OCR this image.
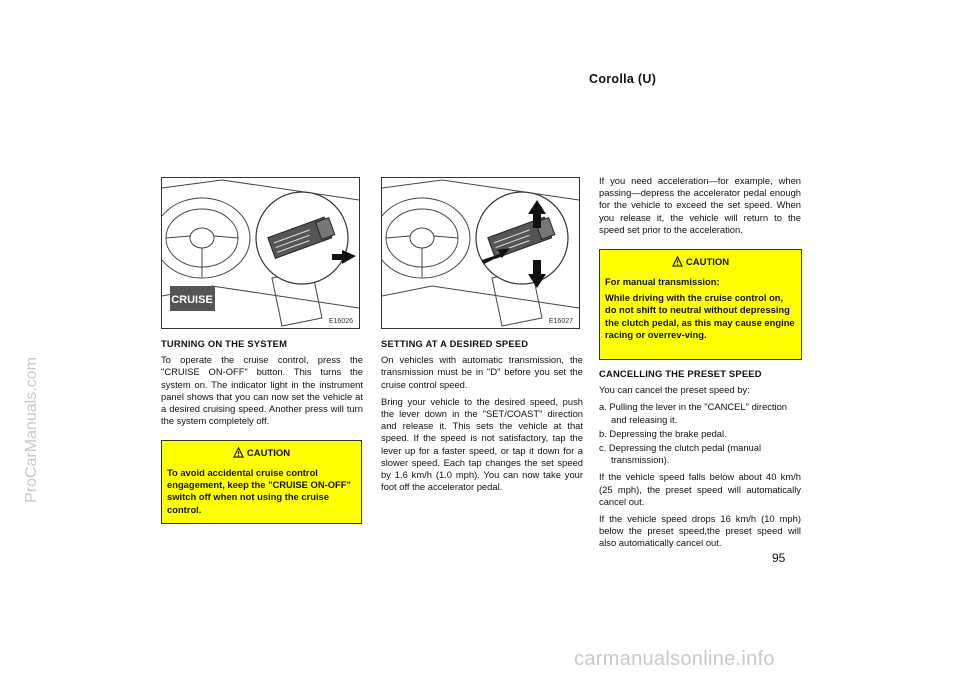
Corolla (U)
ProCarManuals.com
CRUISE
E16026	E16027
TURNING ON THE SYSTEM

To operate the cruise control, press the "CRUISE ON-OFF" button. This turns the system on. The indicator light in the instrument panel shows that you can now set the vehicle at a desired cruising speed. Another press will turn the system completely off.

CAUTION

To avoid accidental cruise control engagement, keep the "CRUISE ON-OFF" switch off when not using the cruise control.

SETTING AT A DESIRED SPEED

On vehicles with automatic transmission, the transmission must be in "D" before you set the cruise control speed.

Bring your vehicle to the desired speed, push the lever down in the "SET/COAST" direction and release it. This sets the vehicle at that speed. If the speed is not satisfactory, tap the lever up for a faster speed, or tap it down for a slower speed. Each tap changes the set speed by 1.6 km/h (1.0 mph). You can now take your foot off the accelerator pedal.

If you need acceleration—for example, when passing—depress the accelerator pedal enough for the vehicle to exceed the set speed. When you release it, the vehicle will return to the speed set prior to the acceleration.

CAUTION

For manual transmission:

While driving with the cruise control on, do not shift to neutral without depressing the clutch pedal, as this may cause engine racing or overrev-ving.

CANCELLING THE PRESET SPEED

You can cancel the preset speed by:

a. Pulling the lever in the "CANCEL" direction and releasing it.

b. Depressing the brake pedal.

c. Depressing the clutch pedal (manual transmission).

If the vehicle speed falls below about 40 km/h (25 mph), the preset speed will automatically cancel out.

If the vehicle speed drops 16 km/h (10 mph) below the preset speed,the preset speed will also automatically cancel out.

95
carmanualsonline.info
